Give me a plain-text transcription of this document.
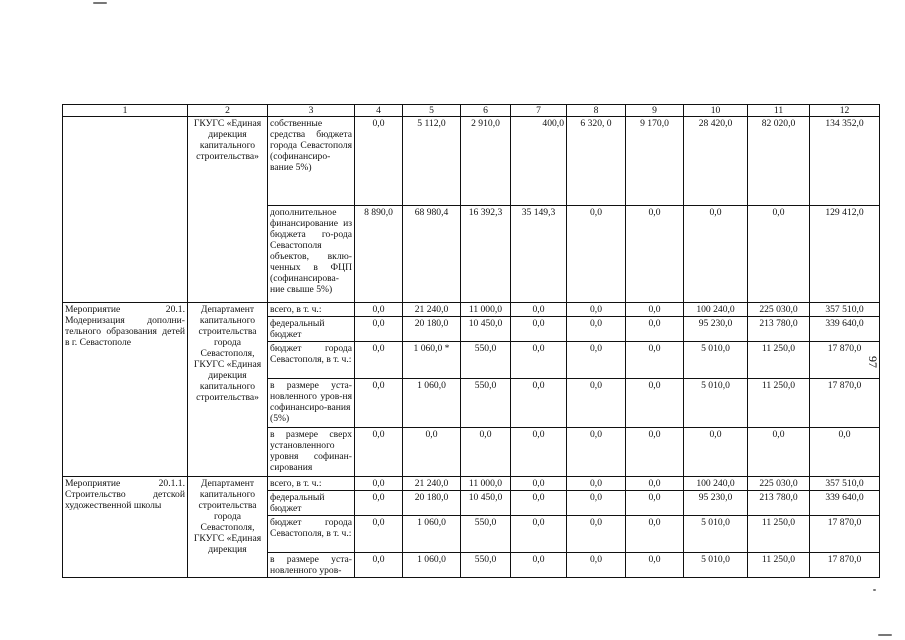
1	2	3	4	5	6	7	8	9	10	11	12
	ГКУГС «Единая дирекция капитального строительства»	собственные средства бюджета города Севастополя (софинансиро-вание 5%)	0,0	5 112,0	2 910,0	400,0	6 320, 0	9 170,0	28 420,0	82 020,0	134 352,0
		дополнительное финансирование из бюджета го-рода Севастополя объектов, вклю-ченных в ФЦП (софинансирова-ние свыше 5%)	8 890,0	68 980,4	16 392,3	35 149,3	0,0	0,0	0,0	0,0	129 412,0
Мероприятие 20.1. Модернизация дополни-тельного образования детей в г. Севастополе	Департамент капитального строительства города Севастополя, ГКУГС «Единая дирекция капитального строительства»	всего, в т. ч.:	0,0	21 240,0	11 000,0	0,0	0,0	0,0	100 240,0	225 030,0	357 510,0
		федеральный бюджет	0,0	20 180,0	10 450,0	0,0	0,0	0,0	95 230,0	213 780,0	339 640,0
		бюджет города Севастополя, в т. ч.:	0,0	1 060,0 *	550,0	0,0	0,0	0,0	5 010,0	11 250,0	17 870,0
		в размере уста-новленного уров-ня софинансиро-вания (5%)	0,0	1 060,0	550,0	0,0	0,0	0,0	5 010,0	11 250,0	17 870,0
		в размере сверх установленного уровня софинан-сирования	0,0	0,0	0,0	0,0	0,0	0,0	0,0	0,0	0,0
Мероприятие 20.1.1. Строительство детской художественной школы	Департамент капитального строительства города Севастополя, ГКУГС «Единая дирекция	всего, в т. ч.:	0,0	21 240,0	11 000,0	0,0	0,0	0,0	100 240,0	225 030,0	357 510,0
		федеральный бюджет	0,0	20 180,0	10 450,0	0,0	0,0	0,0	95 230,0	213 780,0	339 640,0
		бюджет города Севастополя, в т. ч.:	0,0	1 060,0	550,0	0,0	0,0	0,0	5 010,0	11 250,0	17 870,0
		в размере уста-новленного уров-	0,0	1 060,0	550,0	0,0	0,0	0,0	5 010,0	11 250,0	17 870,0
97
